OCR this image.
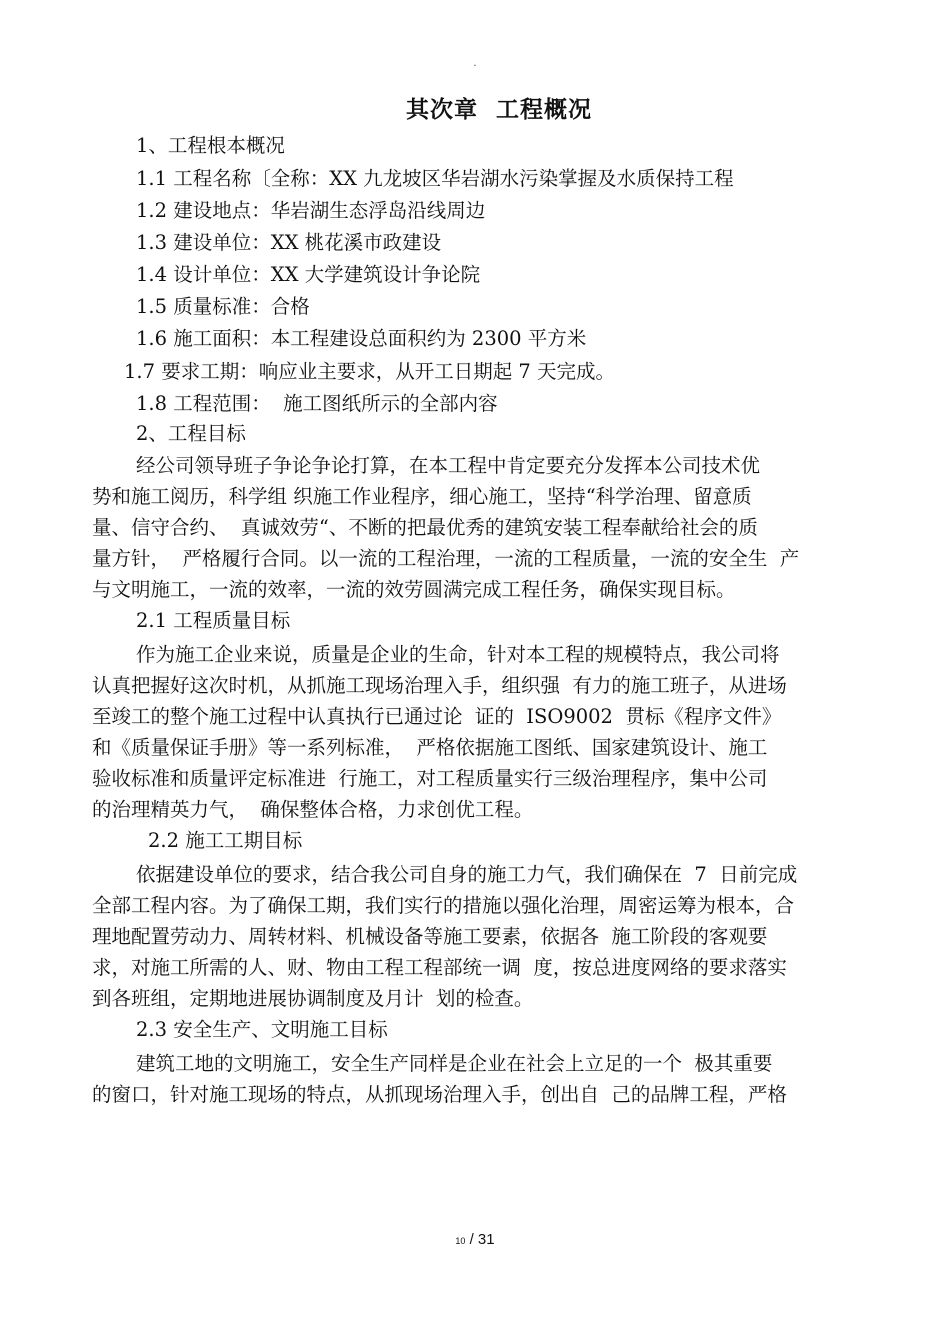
.
其次章  工程概况
1、工程根本概况
1.1 工程名称〔全称：XX 九龙坡区华岩湖水污染掌握及水质保持工程
1.2 建设地点：华岩湖生态浮岛沿线周边
1.3 建设单位：XX 桃花溪市政建设
1.4 设计单位：XX 大学建筑设计争论院
1.5 质量标准：合格
1.6 施工面积：本工程建设总面积约为 2300 平方米
1.7 要求工期：响应业主要求，从开工日期起 7 天完成。
1.8 工程范围：  施工图纸所示的全部内容
2、工程目标
经公司领导班子争论争论打算，在本工程中肯定要充分发挥本公司技术优
势和施工阅历，科学组 织施工作业程序，细心施工，坚持“科学治理、留意质
量、信守合约、  真诚效劳“、不断的把最优秀的建筑安装工程奉献给社会的质
量方针，  严格履行合同。以一流的工程治理，一流的工程质量，一流的安全生  产
与文明施工，一流的效率，一流的效劳圆满完成工程任务，确保实现目标。
2.1 工程质量目标
作为施工企业来说，质量是企业的生命，针对本工程的规模特点，我公司将
认真把握好这次时机，从抓施工现场治理入手，组织强  有力的施工班子，从进场
至竣工的整个施工过程中认真执行已通过论  证的  ISO9002  贯标《程序文件》
和《质量保证手册》等一系列标准，  严格依据施工图纸、国家建筑设计、施工
验收标准和质量评定标准进  行施工，对工程质量实行三级治理程序，集中公司
的治理精英力气，  确保整体合格，力求创优工程。
2.2 施工工期目标
依据建设单位的要求，结合我公司自身的施工力气，我们确保在  7  日前完成
全部工程内容。为了确保工期，我们实行的措施以强化治理，周密运筹为根本，合
理地配置劳动力、周转材料、机械设备等施工要素，依据各  施工阶段的客观要
求，对施工所需的人、财、物由工程工程部统一调  度，按总进度网络的要求落实
到各班组，定期地进展协调制度及月计  划的检查。
2.3 安全生产、文明施工目标
建筑工地的文明施工，安全生产同样是企业在社会上立足的一个  极其重要
的窗口，针对施工现场的特点，从抓现场治理入手，创出自  己的品牌工程，严格
10 / 31
